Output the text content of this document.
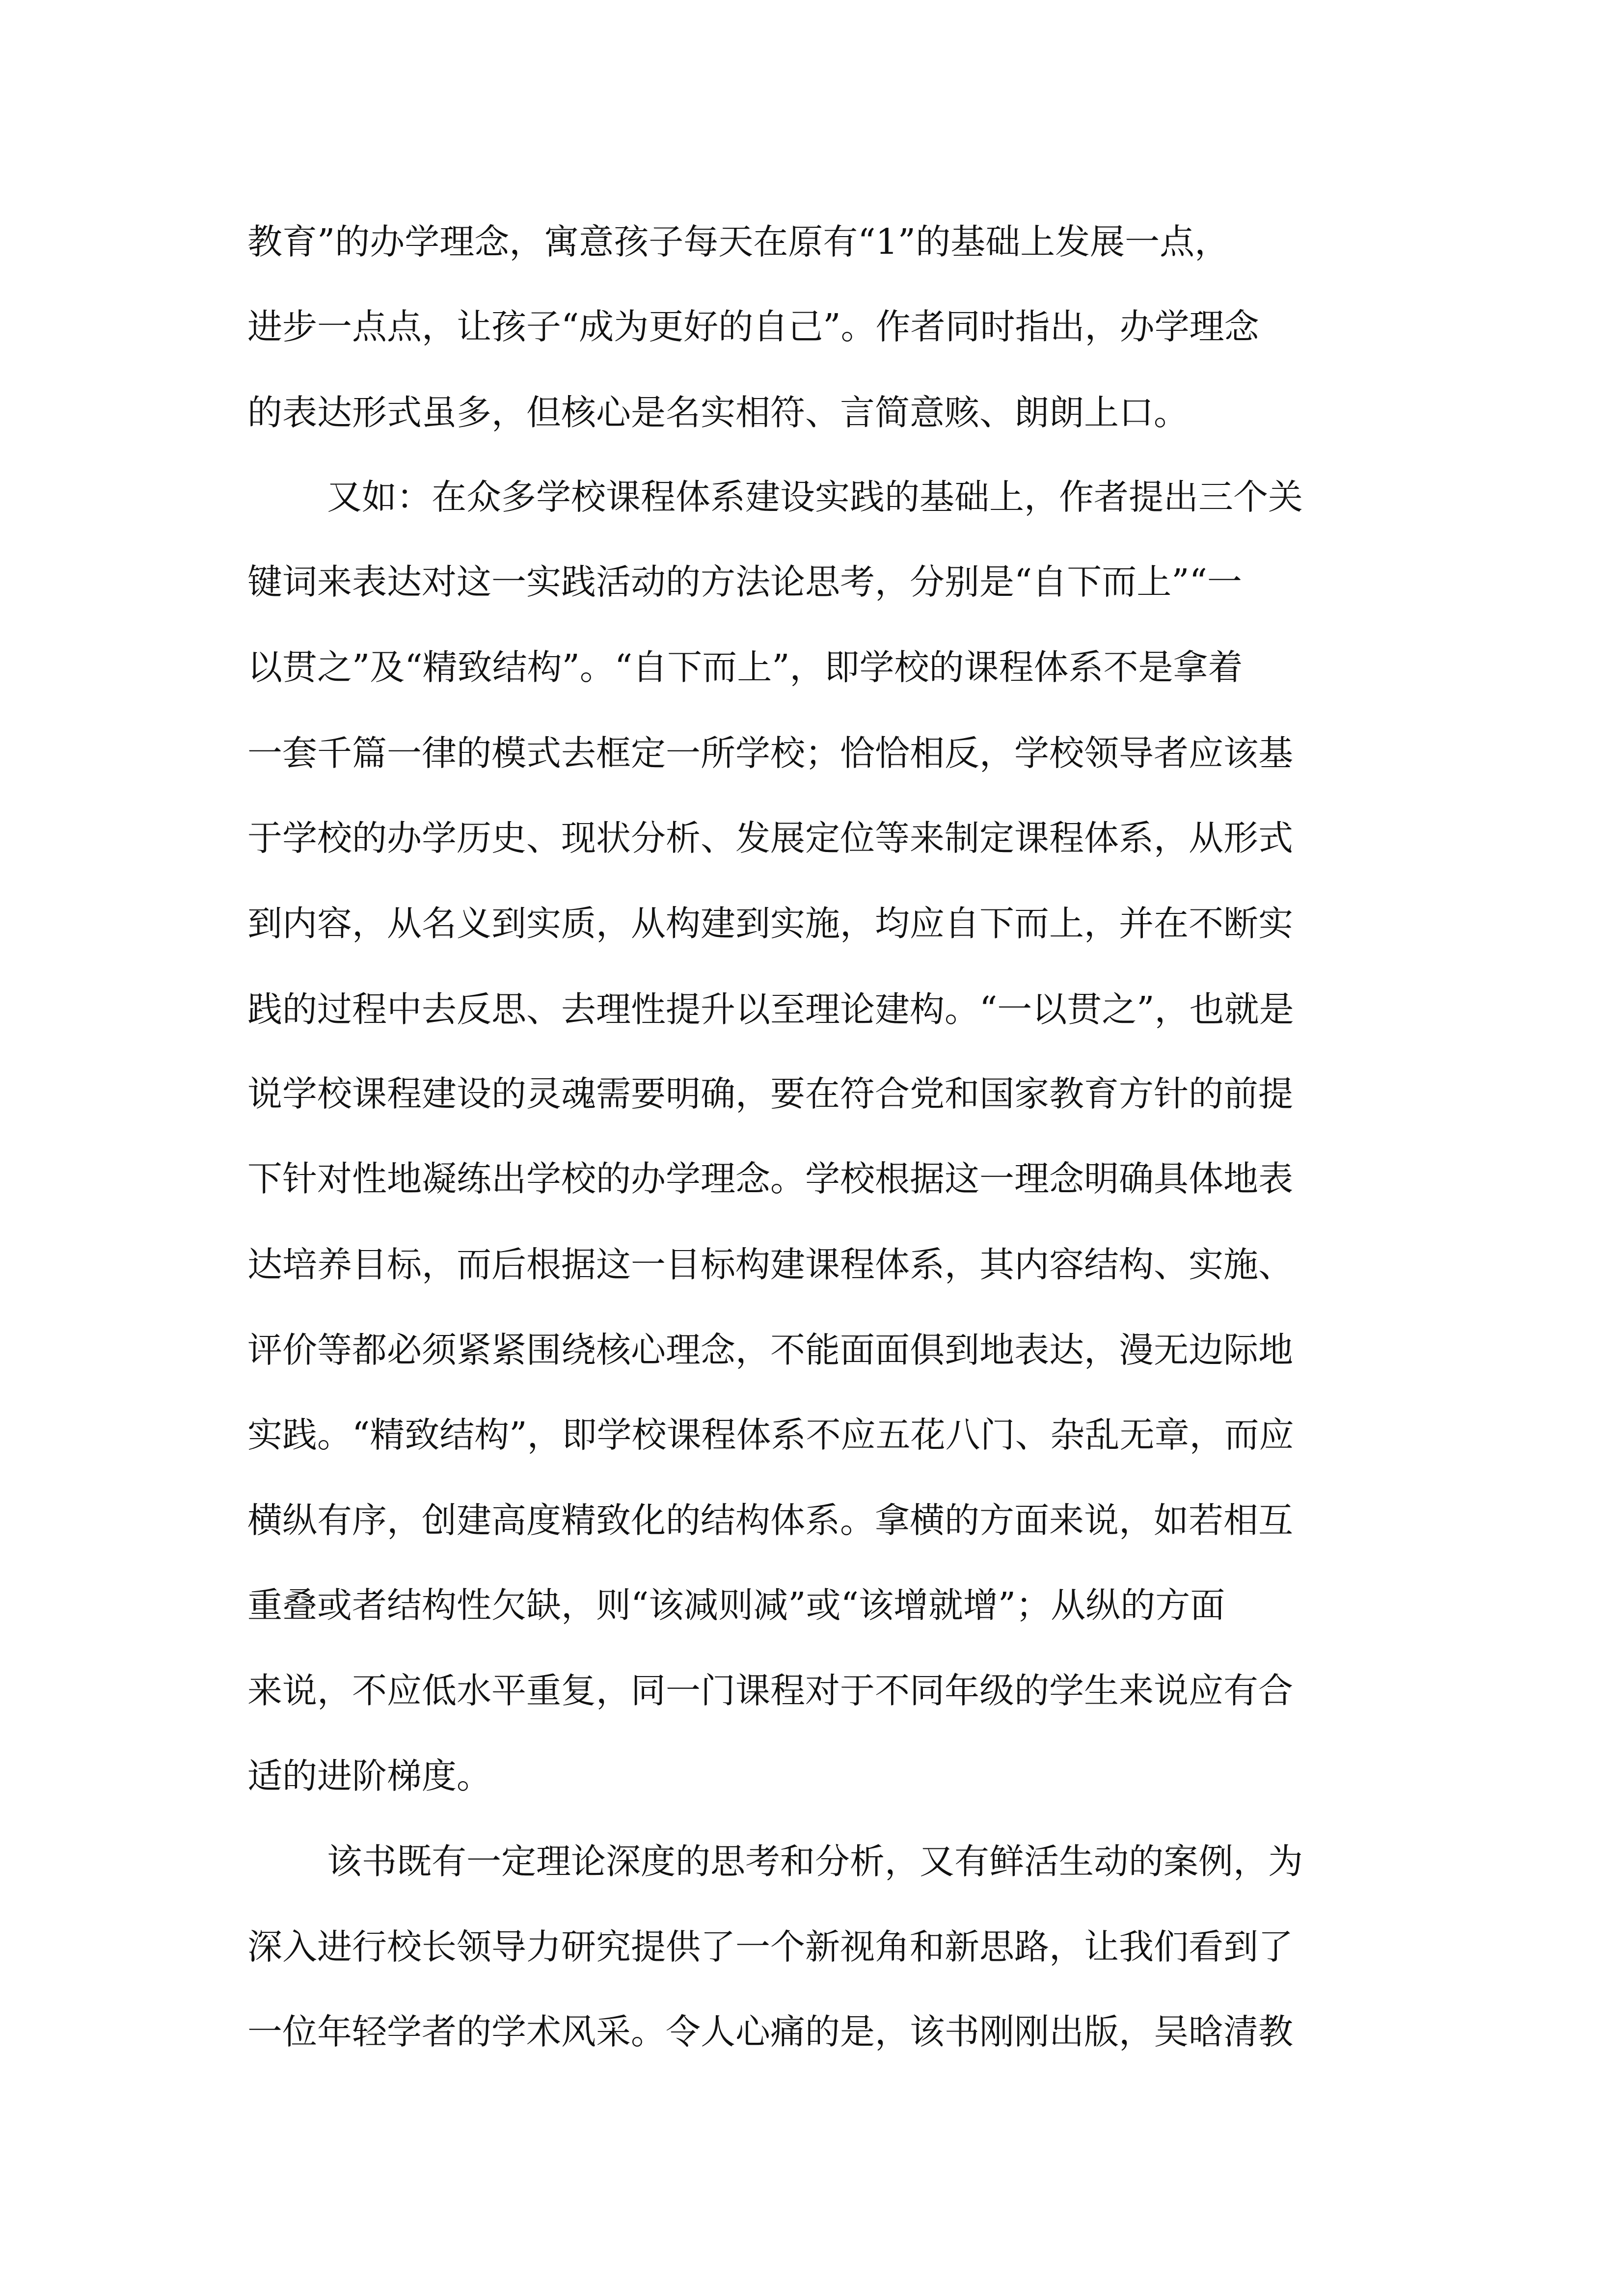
教育”的办学理念，寓意孩子每天在原有“1”的基础上发展一点，

进步一点点，让孩子“成为更好的自己”。作者同时指出，办学理念

的表达形式虽多，但核心是名实相符、言简意赅、朗朗上口。

又如：在众多学校课程体系建设实践的基础上，作者提出三个关

键词来表达对这一实践活动的方法论思考，分别是“自下而上”“一

以贯之”及“精致结构”。“自下而上”，即学校的课程体系不是拿着

一套千篇一律的模式去框定一所学校；恰恰相反，学校领导者应该基

于学校的办学历史、现状分析、发展定位等来制定课程体系，从形式

到内容，从名义到实质，从构建到实施，均应自下而上，并在不断实

践的过程中去反思、去理性提升以至理论建构。“一以贯之”，也就是

说学校课程建设的灵魂需要明确，要在符合党和国家教育方针的前提

下针对性地凝练出学校的办学理念。学校根据这一理念明确具体地表

达培养目标，而后根据这一目标构建课程体系，其内容结构、实施、

评价等都必须紧紧围绕核心理念，不能面面俱到地表达，漫无边际地

实践。“精致结构”，即学校课程体系不应五花八门、杂乱无章，而应

横纵有序，创建高度精致化的结构体系。拿横的方面来说，如若相互

重叠或者结构性欠缺，则“该减则减”或“该增就增”；从纵的方面

来说，不应低水平重复，同一门课程对于不同年级的学生来说应有合

适的进阶梯度。

该书既有一定理论深度的思考和分析，又有鲜活生动的案例，为

深入进行校长领导力研究提供了一个新视角和新思路，让我们看到了

一位年轻学者的学术风采。令人心痛的是，该书刚刚出版，吴晗清教
